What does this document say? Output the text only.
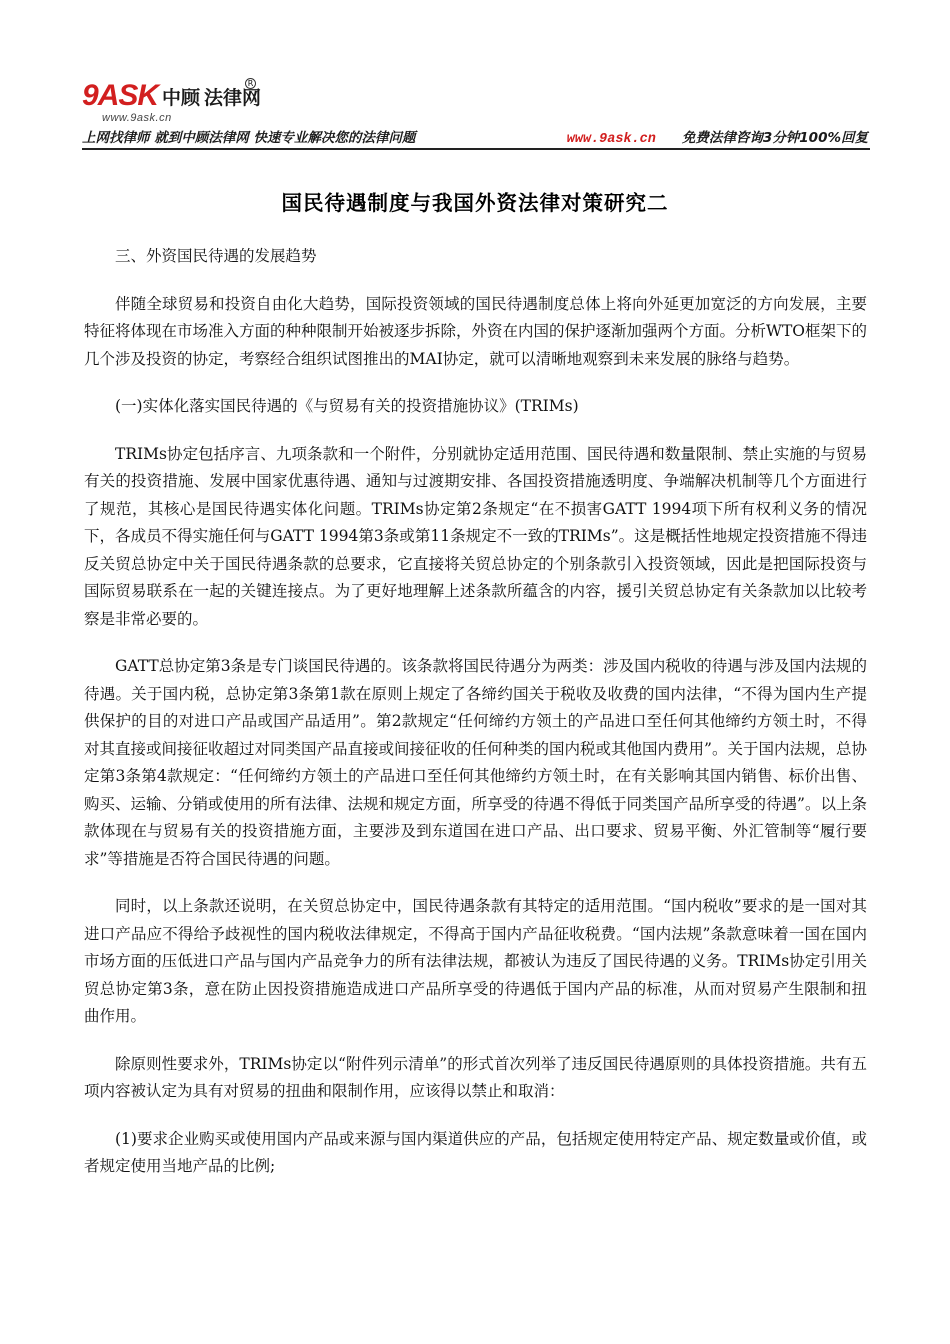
9ASK 中顾 法律网
R
www.9ask.cn
上网找律师 就到中顾法律网 快速专业解决您的法律问题	www.9ask.cn 免费法律咨询3分钟100%回复
国民待遇制度与我国外资法律对策研究二

三、外资国民待遇的发展趋势

伴随全球贸易和投资自由化大趋势，国际投资领域的国民待遇制度总体上将向外延更加宽泛的方向发展，主要特征将体现在市场准入方面的种种限制开始被逐步拆除，外资在内国的保护逐渐加强两个方面。分析WTO框架下的几个涉及投资的协定，考察经合组织试图推出的MAI协定，就可以清晰地观察到未来发展的脉络与趋势。

(一)实体化落实国民待遇的《与贸易有关的投资措施协议》(TRIMs)

TRIMs协定包括序言、九项条款和一个附件，分别就协定适用范围、国民待遇和数量限制、禁止实施的与贸易有关的投资措施、发展中国家优惠待遇、通知与过渡期安排、各国投资措施透明度、争端解决机制等几个方面进行了规范，其核心是国民待遇实体化问题。TRIMs协定第2条规定“在不损害GATT 1994项下所有权利义务的情况下，各成员不得实施任何与GATT 1994第3条或第11条规定不一致的TRIMs”。这是概括性地规定投资措施不得违反关贸总协定中关于国民待遇条款的总要求，它直接将关贸总协定的个别条款引入投资领域，因此是把国际投资与国际贸易联系在一起的关键连接点。为了更好地理解上述条款所蕴含的内容，援引关贸总协定有关条款加以比较考察是非常必要的。

GATT总协定第3条是专门谈国民待遇的。该条款将国民待遇分为两类：涉及国内税收的待遇与涉及国内法规的待遇。关于国内税，总协定第3条第1款在原则上规定了各缔约国关于税收及收费的国内法律，“不得为国内生产提供保护的目的对进口产品或国产品适用”。第2款规定“任何缔约方领土的产品进口至任何其他缔约方领土时，不得对其直接或间接征收超过对同类国产品直接或间接征收的任何种类的国内税或其他国内费用”。关于国内法规，总协定第3条第4款规定：“任何缔约方领土的产品进口至任何其他缔约方领土时，在有关影响其国内销售、标价出售、购买、运输、分销或使用的所有法律、法规和规定方面，所享受的待遇不得低于同类国产品所享受的待遇”。以上条款体现在与贸易有关的投资措施方面，主要涉及到东道国在进口产品、出口要求、贸易平衡、外汇管制等“履行要求”等措施是否符合国民待遇的问题。

同时，以上条款还说明，在关贸总协定中，国民待遇条款有其特定的适用范围。“国内税收”要求的是一国对其进口产品应不得给予歧视性的国内税收法律规定，不得高于国内产品征收税费。“国内法规”条款意味着一国在国内市场方面的压低进口产品与国内产品竞争力的所有法律法规，都被认为违反了国民待遇的义务。TRIMs协定引用关贸总协定第3条，意在防止因投资措施造成进口产品所享受的待遇低于国内产品的标准，从而对贸易产生限制和扭曲作用。

除原则性要求外，TRIMs协定以“附件列示清单”的形式首次列举了违反国民待遇原则的具体投资措施。共有五项内容被认定为具有对贸易的扭曲和限制作用，应该得以禁止和取消：

(1)要求企业购买或使用国内产品或来源与国内渠道供应的产品，包括规定使用特定产品、规定数量或价值，或者规定使用当地产品的比例;
